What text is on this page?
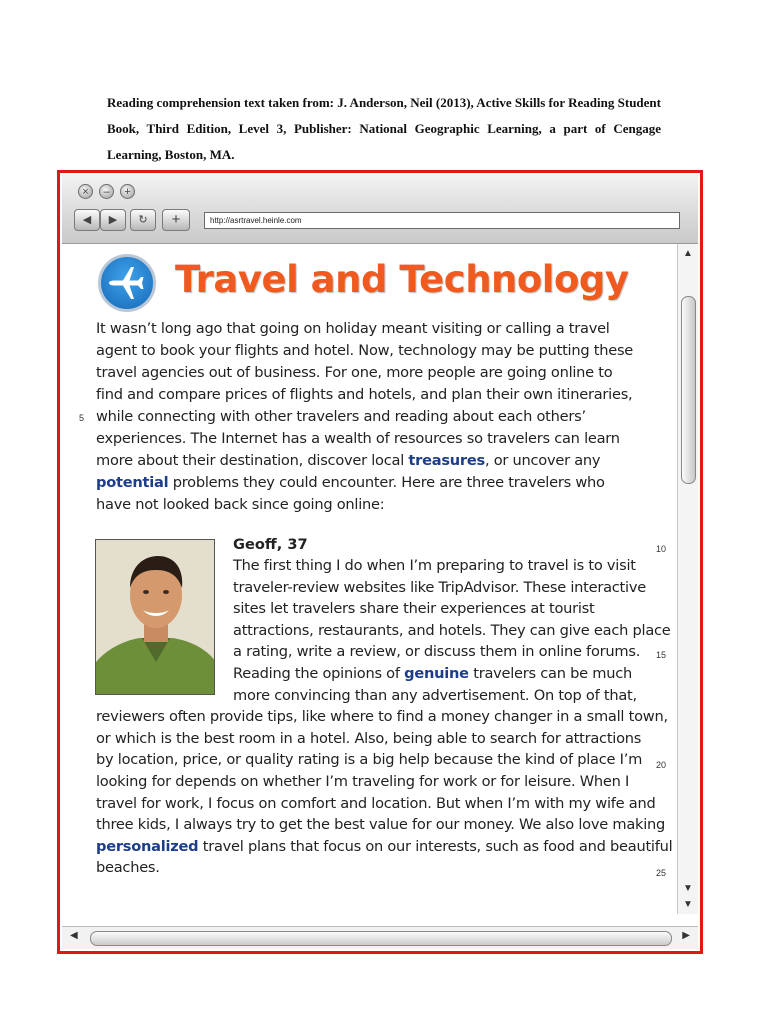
Reading comprehension text taken from: J. Anderson, Neil (2013), Active Skills for Reading Student Book, Third Edition, Level 3, Publisher: National Geographic Learning, a part of Cengage Learning, Boston, MA.
×	–	+
◀	▶	↻	+	http://asrtravel.heinle.com
▲
▼
▼
◀	▶
Travel and Technology
It wasn’t long ago that going on holiday meant visiting or calling a travel
agent to book your flights and hotel. Now, technology may be putting these
travel agencies out of business. For one, more people are going online to
find and compare prices of flights and hotels, and plan their own itineraries,
while connecting with other travelers and reading about each others’
experiences. The Internet has a wealth of resources so travelers can learn
more about their destination, discover local treasures, or uncover any
potential problems they could encounter. Here are three travelers who
have not looked back since going online:
Geoff, 37
The first thing I do when I’m preparing to travel is to visit
traveler-review websites like TripAdvisor. These interactive
sites let travelers share their experiences at tourist
attractions, restaurants, and hotels. They can give each place
a rating, write a review, or discuss them in online forums.
Reading the opinions of genuine travelers can be much
more convincing than any advertisement. On top of that,
reviewers often provide tips, like where to find a money changer in a small town,
or which is the best room in a hotel. Also, being able to search for attractions
by location, price, or quality rating is a big help because the kind of place I’m
looking for depends on whether I’m traveling for work or for leisure. When I
travel for work, I focus on comfort and location. But when I’m with my wife and
three kids, I always try to get the best value for our money. We also love making
personalized travel plans that focus on our interests, such as food and beautiful
beaches.
5
10
15
20
25
